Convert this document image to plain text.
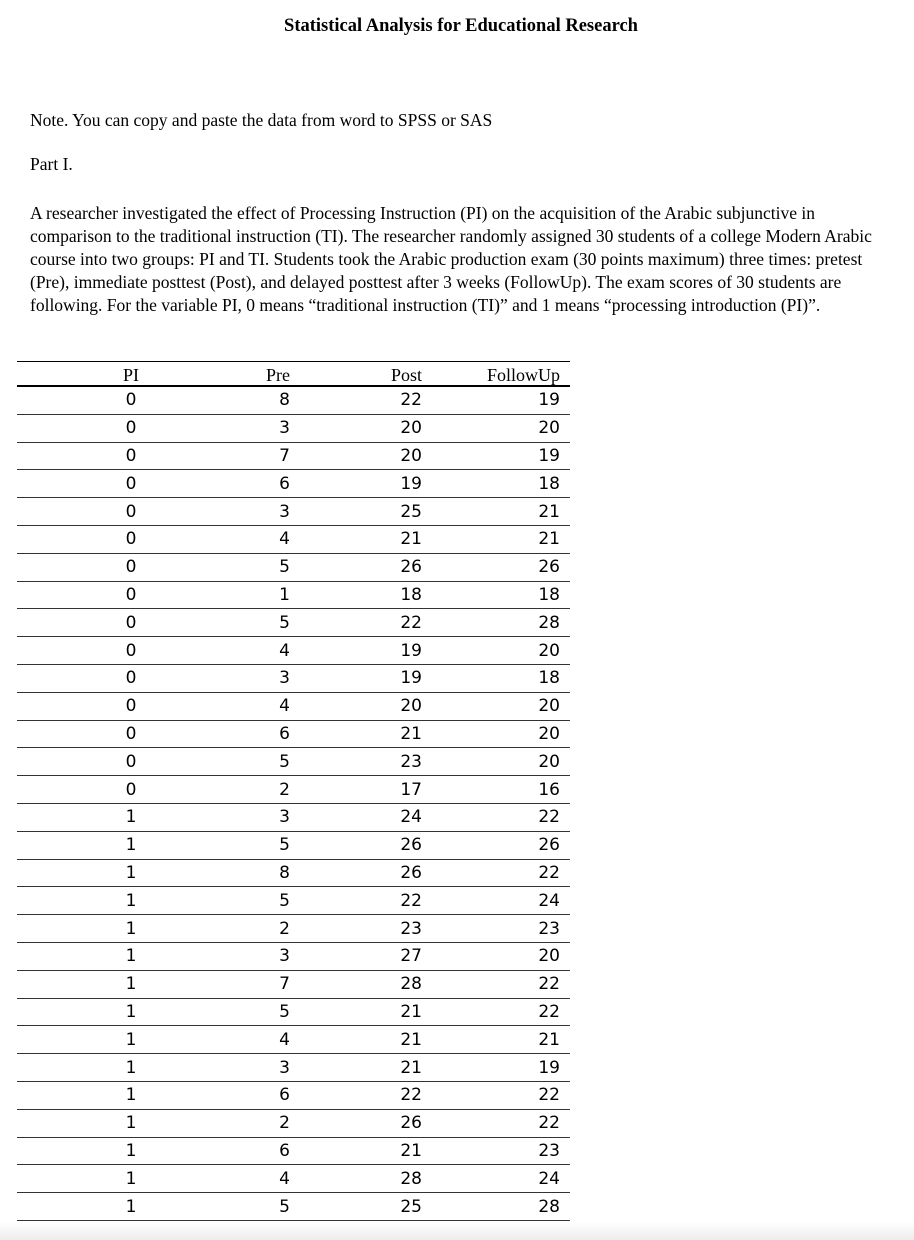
Statistical Analysis for Educational Research
Note. You can copy and paste the data from word to SPSS or SAS
Part I.
A researcher investigated the effect of Processing Instruction (PI) on the acquisition of the Arabic subjunctive in comparison to the traditional instruction (TI). The researcher randomly assigned 30 students of a college Modern Arabic course into two groups: PI and TI. Students took the Arabic production exam (30 points maximum) three times: pretest (Pre), immediate posttest (Post), and delayed posttest after 3 weeks (FollowUp). The exam scores of 30 students are following. For the variable PI, 0 means “traditional instruction (TI)” and 1 means “processing introduction (PI)”.
PI	Pre	Post	FollowUp
0	8	22	19
0	3	20	20
0	7	20	19
0	6	19	18
0	3	25	21
0	4	21	21
0	5	26	26
0	1	18	18
0	5	22	28
0	4	19	20
0	3	19	18
0	4	20	20
0	6	21	20
0	5	23	20
0	2	17	16
1	3	24	22
1	5	26	26
1	8	26	22
1	5	22	24
1	2	23	23
1	3	27	20
1	7	28	22
1	5	21	22
1	4	21	21
1	3	21	19
1	6	22	22
1	2	26	22
1	6	21	23
1	4	28	24
1	5	25	28
